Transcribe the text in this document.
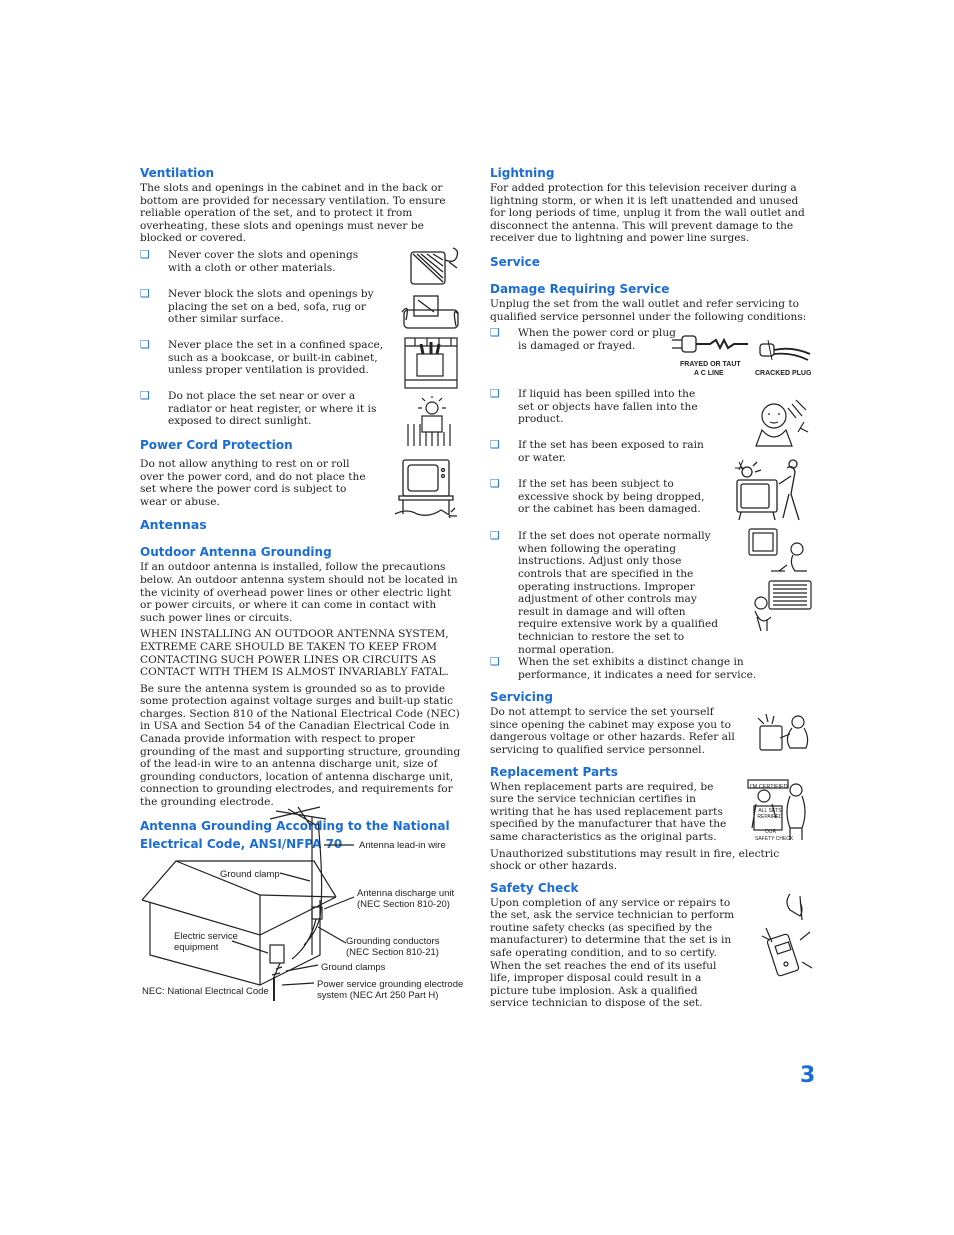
Ventilation

The slots and openings in the cabinet and in the back or bottom are provided for necessary ventilation. To ensure reliable operation of the set, and to protect it from overheating, these slots and openings must never be blocked or covered.

❑ Never cover the slots and openings with a cloth or other materials.
❑ Never block the slots and openings by placing the set on a bed, sofa, rug or other similar surface.
❑ Never place the set in a confined space, such as a bookcase, or built-in cabinet, unless proper ventilation is provided.
❑ Do not place the set near or over a radiator or heat register, or where it is exposed to direct sunlight.
Power Cord Protection

Do not allow anything to rest on or roll over the power cord, and do not place the set where the power cord is subject to wear or abuse.

Antennas
Outdoor Antenna Grounding

If an outdoor antenna is installed, follow the precautions below. An outdoor antenna system should not be located in the vicinity of overhead power lines or other electric light or power circuits, or where it can come in contact with such power lines or circuits.

WHEN INSTALLING AN OUTDOOR ANTENNA SYSTEM, EXTREME CARE SHOULD BE TAKEN TO KEEP FROM CONTACTING SUCH POWER LINES OR CIRCUITS AS CONTACT WITH THEM IS ALMOST INVARIABLY FATAL.

Be sure the antenna system is grounded so as to provide some protection against voltage surges and built-up static charges. Section 810 of the National Electrical Code (NEC) in USA and Section 54 of the Canadian Electrical Code in Canada provide information with respect to proper grounding of the mast and supporting structure, grounding of the lead-in wire to an antenna discharge unit, size of grounding conductors, location of antenna discharge unit, connection to grounding electrodes, and requirements for the grounding electrode.

Antenna Grounding According to the National
Electrical Code, ANSI/NFPA 70	Antenna lead-in wire
Ground clamp
Antenna discharge unit
(NEC Section 810-20)
Electric service
equipment
Grounding conductors
(NEC Section 810-21)
Ground clamps
NEC: National Electrical Code
Power service grounding electrode
system (NEC Art 250 Part H)
Lightning

For added protection for this television receiver during a lightning storm, or when it is left unattended and unused for long periods of time, unplug it from the wall outlet and disconnect the antenna. This will prevent damage to the receiver due to lightning and power line surges.

Service
Damage Requiring Service

Unplug the set from the wall outlet and refer servicing to qualified service personnel under the following conditions:

❑ When the power cord or plug is damaged or frayed.
❑ If liquid has been spilled into the set or objects have fallen into the product.
❑ If the set has been exposed to rain or water.
❑ If the set has been subject to excessive shock by being dropped, or the cabinet has been damaged.
❑ If the set does not operate normally when following the operating instructions. Adjust only those controls that are specified in the operating instructions. Improper adjustment of other controls may result in damage and will often require extensive work by a qualified technician to restore the set to normal operation.
❑ When the set exhibits a distinct change in performance, it indicates a need for service.
Servicing

Do not attempt to service the set yourself since opening the cabinet may expose you to dangerous voltage or other hazards. Refer all servicing to qualified service personnel.

Replacement Parts

When replacement parts are required, be sure the service technician certifies in writing that he has used replacement parts specified by the manufacturer that have the same characteristics as the original parts.

Unauthorized substitutions may result in fire, electric shock or other hazards.

Safety Check

Upon completion of any service or repairs to the set, ask the service technician to perform routine safety checks (as specified by the manufacturer) to determine that the set is in safe operating condition, and to so certify. When the set reaches the end of its useful life, improper disposal could result in a picture tube implosion. Ask a qualified service technician to dispose of the set.

FRAYED OR TAUT
A C LINE	CRACKED PLUG
I'M CERTIFIED
ALL SETS REPAIRED
OUR
SAFETY CHECK
3
